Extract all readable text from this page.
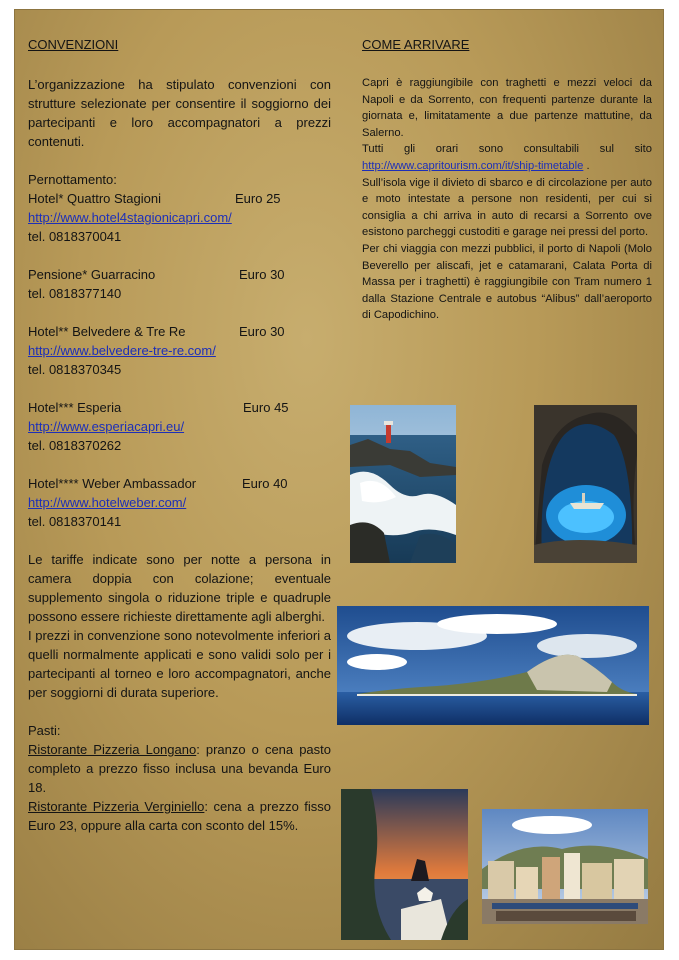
CONVENZIONI
L’organizzazione ha stipulato convenzioni con strutture selezionate per consentire il soggiorno dei partecipanti e loro accompagnatori a prezzi contenuti.
Pernottamento:
Hotel* Quattro Stagioni	Euro 25
http://www.hotel4stagionicapri.com/
tel. 0818370041
Pensione* Guarracino	Euro 30
tel. 0818377140
Hotel** Belvedere & Tre Re	Euro 30
http://www.belvedere-tre-re.com/
tel. 0818370345
Hotel*** Esperia	Euro 45
http://www.esperiacapri.eu/
tel. 0818370262
Hotel**** Weber Ambassador	Euro 40
http://www.hotelweber.com/
tel. 0818370141
Le tariffe indicate sono per notte a persona in camera doppia con colazione; eventuale supplemento singola o riduzione triple e quadruple possono essere richieste direttamente agli alberghi.
I prezzi in convenzione sono notevolmente inferiori a quelli normalmente applicati e sono validi solo per i partecipanti al torneo e loro accompagnatori, anche per soggiorni di durata superiore.
Pasti:
Ristorante Pizzeria Longano: pranzo o cena pasto completo a prezzo fisso inclusa una bevanda Euro 18.
Ristorante Pizzeria Verginiello: cena a prezzo fisso Euro 23, oppure alla carta con sconto del 15%.
COME ARRIVARE
Capri è raggiungibile con traghetti e mezzi veloci da Napoli e da Sorrento, con frequenti partenze durante la giornata e, limitatamente a due partenze mattutine, da Salerno.
Tutti gli orari sono consultabili sul sito http://www.capritourism.com/it/ship-timetable .
Sull’isola vige il divieto di sbarco e di circolazione per auto e moto intestate a persone non residenti, per cui si consiglia a chi arriva in auto di recarsi a Sorrento ove esistono parcheggi custoditi e garage nei pressi del porto.
Per chi viaggia con mezzi pubblici, il porto di Napoli (Molo Beverello per aliscafi, jet e catamarani, Calata Porta di Massa per i traghetti) è raggiungibile con Tram numero 1 dalla Stazione Centrale e autobus “Alibus” dall’aeroporto di Capodichino.
